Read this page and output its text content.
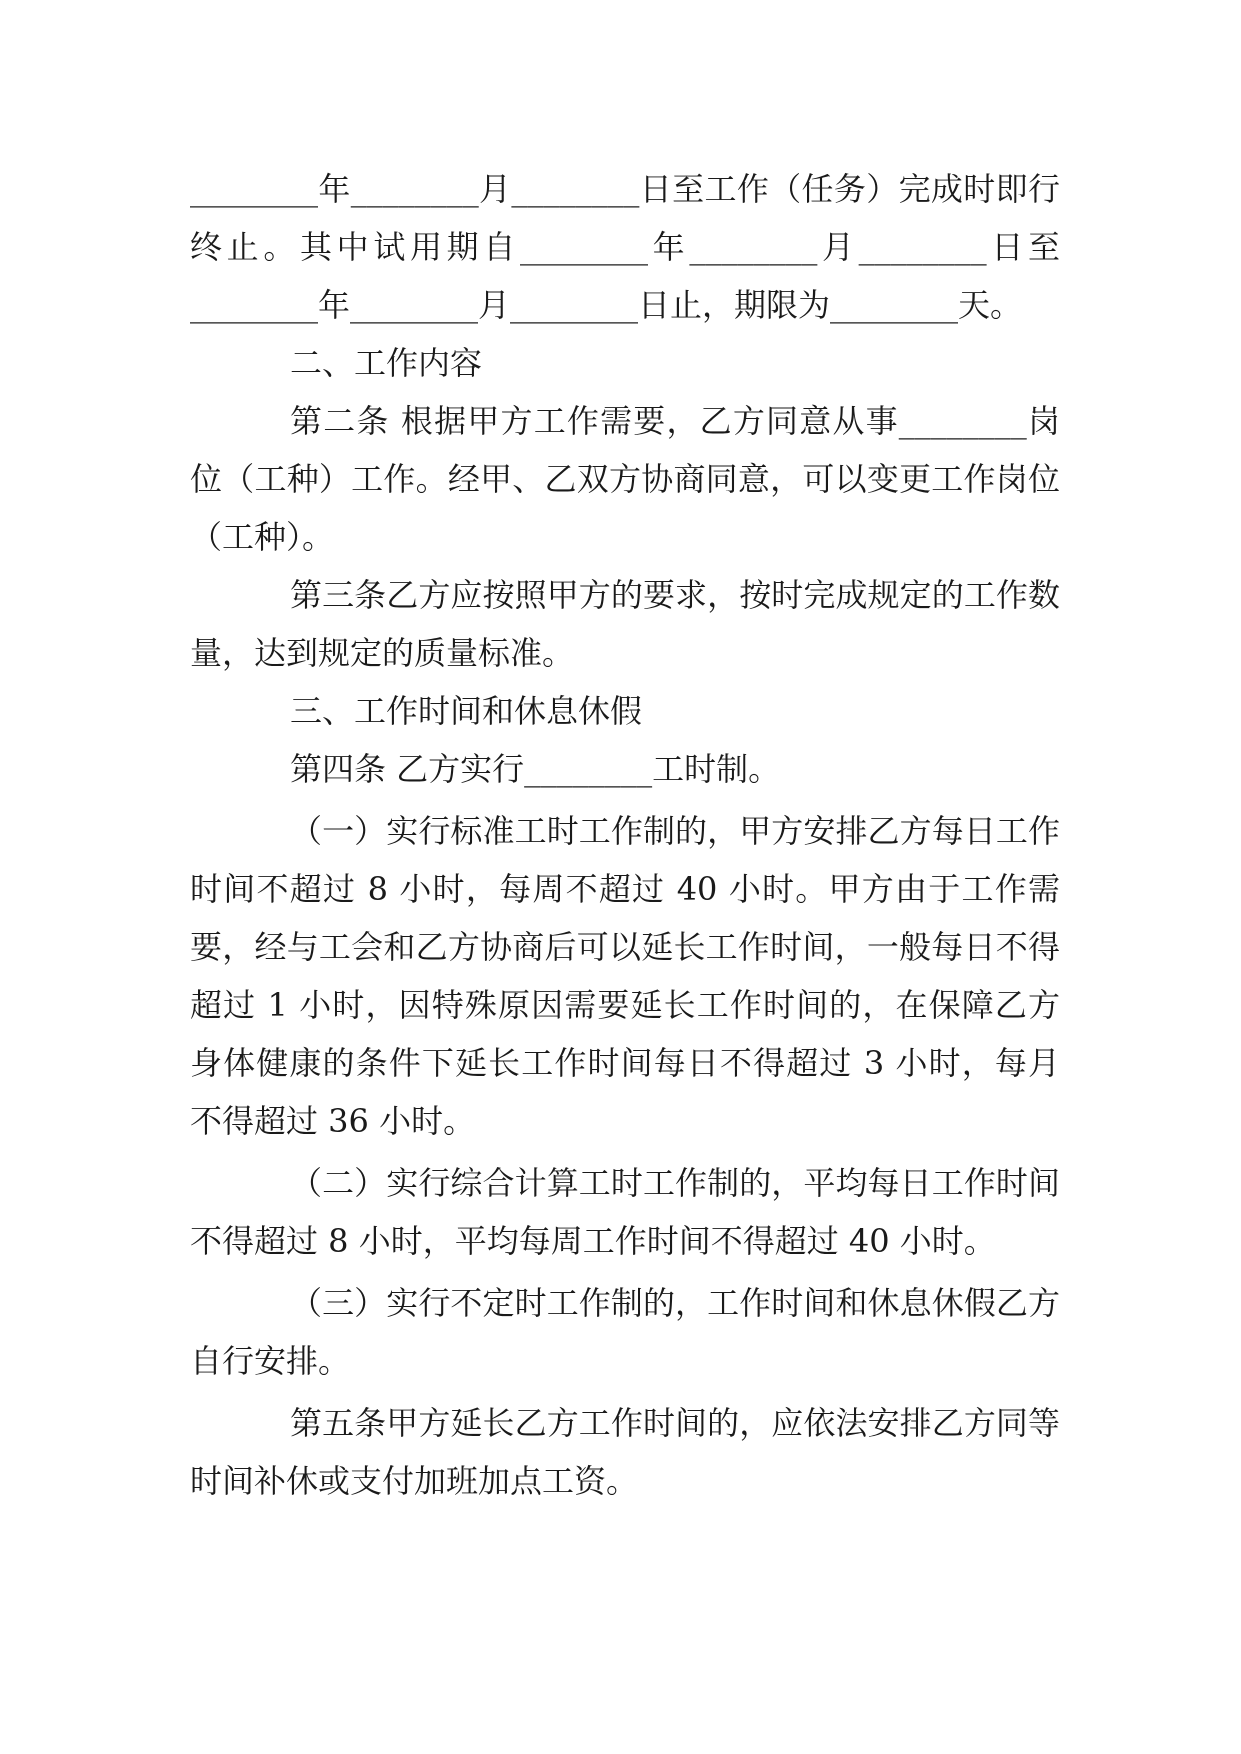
________年________月________日至工作（任务）完成时即行终止。其中试用期自________年________月________日至________年________月________日止，期限为________天。

二、工作内容

第二条 根据甲方工作需要，乙方同意从事________岗位（工种）工作。经甲、乙双方协商同意，可以变更工作岗位（工种）。

第三条乙方应按照甲方的要求，按时完成规定的工作数量，达到规定的质量标准。

三、工作时间和休息休假

第四条 乙方实行________工时制。

（一）实行标准工时工作制的，甲方安排乙方每日工作时间不超过 8 小时，每周不超过 40 小时。甲方由于工作需要，经与工会和乙方协商后可以延长工作时间，一般每日不得超过 1 小时，因特殊原因需要延长工作时间的，在保障乙方身体健康的条件下延长工作时间每日不得超过 3 小时，每月不得超过 36 小时。

（二）实行综合计算工时工作制的，平均每日工作时间不得超过 8 小时，平均每周工作时间不得超过 40 小时。

（三）实行不定时工作制的，工作时间和休息休假乙方自行安排。

第五条甲方延长乙方工作时间的，应依法安排乙方同等时间补休或支付加班加点工资。
